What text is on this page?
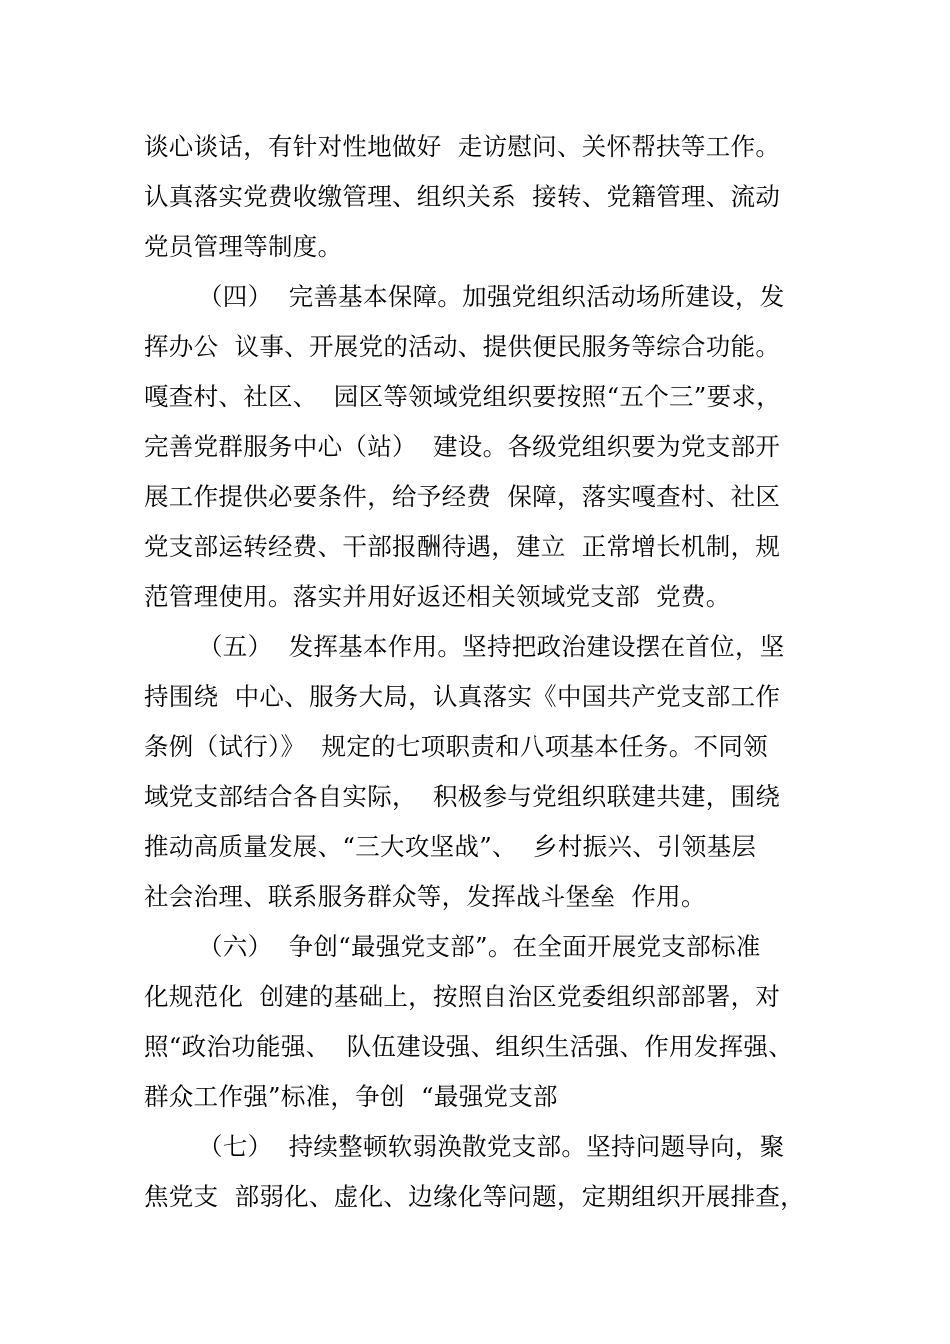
谈心谈话，有针对性地做好  走访慰问、关怀帮扶等工作。
认真落实党费收缴管理、组织关系  接转、党籍管理、流动
党员管理等制度。
（四）  完善基本保障。加强党组织活动场所建设，发
挥办公  议事、开展党的活动、提供便民服务等综合功能。
嘎查村、社区、  园区等领域党组织要按照“五个三”要求，
完善党群服务中心（站）  建设。各级党组织要为党支部开
展工作提供必要条件，给予经费  保障，落实嘎查村、社区
党支部运转经费、干部报酬待遇，建立  正常增长机制，规
范管理使用。落实并用好返还相关领域党支部  党费。
（五）  发挥基本作用。坚持把政治建设摆在首位，坚
持围绕  中心、服务大局，认真落实《中国共产党支部工作
条例（试行）》  规定的七项职责和八项基本任务。不同领
域党支部结合各自实际，  积极参与党组织联建共建，围绕
推动高质量发展、“三大攻坚战”、  乡村振兴、引领基层
社会治理、联系服务群众等，发挥战斗堡垒  作用。
（六）  争创“最强党支部”。在全面开展党支部标准
化规范化  创建的基础上，按照自治区党委组织部部署，对
照“政治功能强、  队伍建设强、组织生活强、作用发挥强、
群众工作强”标准，争创  “最强党支部
（七）  持续整顿软弱涣散党支部。坚持问题导向，聚
焦党支  部弱化、虚化、边缘化等问题，定期组织开展排查，
